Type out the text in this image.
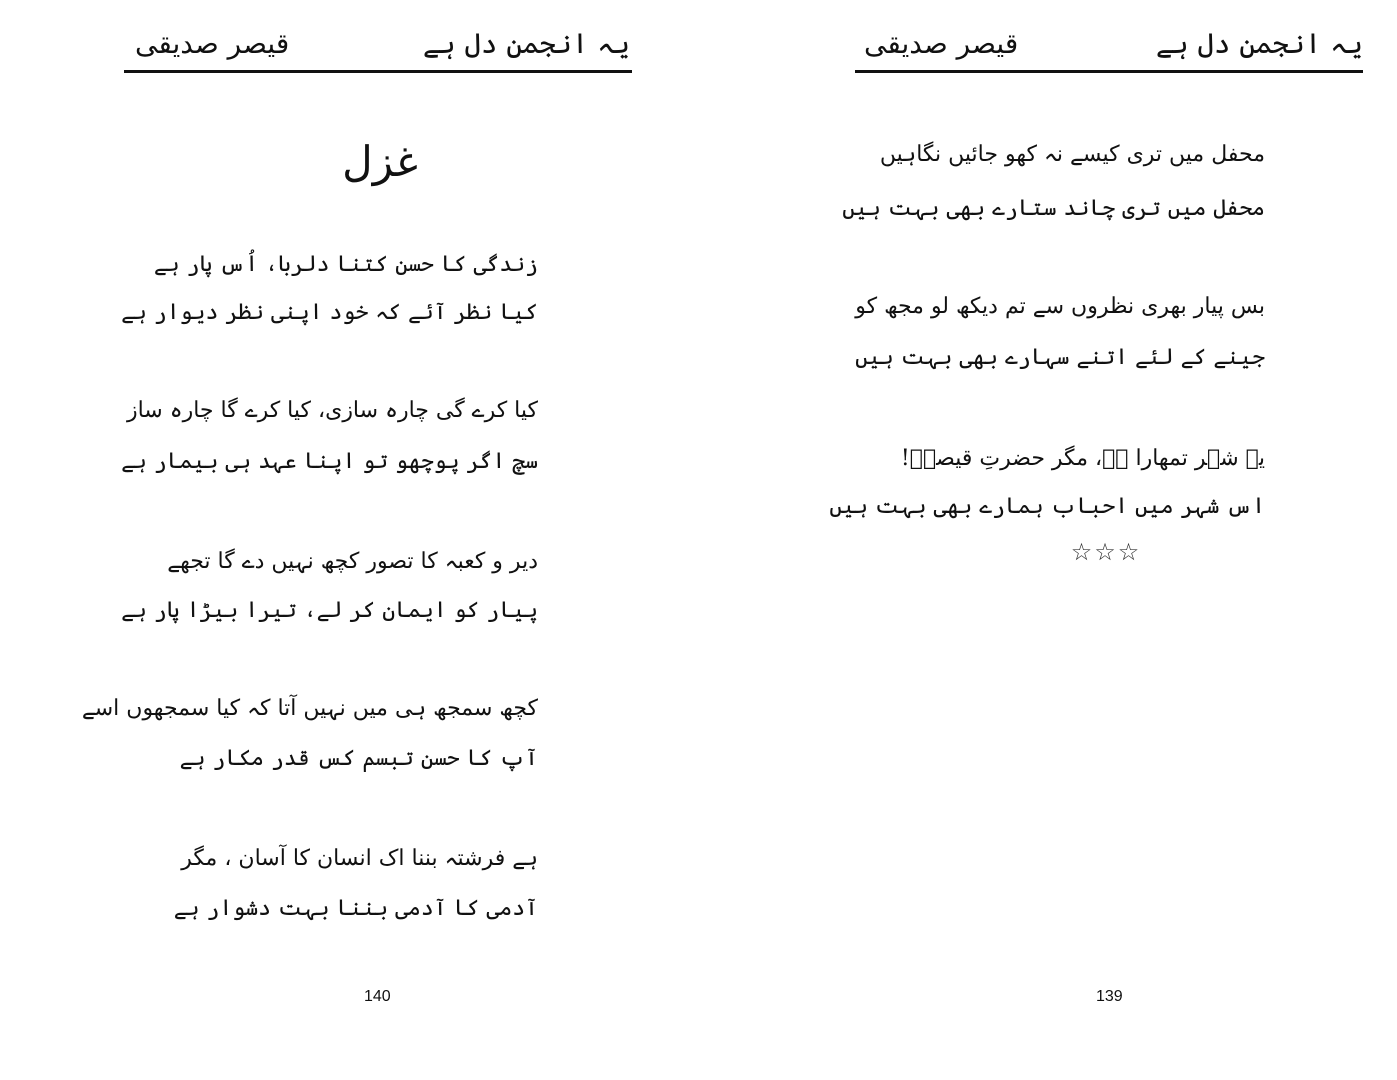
یہ انجمن دل ہے
قیصر صدیقی
غزل
زندگی کا حسن کتنا دلربا، اُس پار ہے
کیا نظر آئے کہ خود اپنی نظر دیوار ہے
کیا کرے گی چارہ سازی، کیا کرے گا چارہ ساز
سچ اگر پوچھو تو اپنا عہد ہی بیمار ہے
دیر و کعبہ کا تصور کچھ نہیں دے گا تجھے
پیار کو ایمان کر لے، تیرا بیڑا پار ہے
کچھ سمجھ ہی میں نہیں آتا کہ کیا سمجھوں اسے
آپ کا حسن تبسم کس قدر مکار ہے
ہے فرشتہ بننا اک انسان کا آسان ، مگر
آدمی کا آدمی بننا بہت دشوار ہے
140
یہ انجمن دل ہے
قیصر صدیقی
محفل میں تری کیسے نہ کھو جائیں نگاہیں
محفل میں تری چاند ستارے بھی بہت ہیں
بس پیار بھری نظروں سے تم دیکھ لو مجھ کو
جینے کے لئے اتنے سہارے بھی بہت ہیں
یہ شہر تمھارا ہے، مگر حضرتِ قیصرؔ!
اس شہر میں احباب ہمارے بھی بہت ہیں
☆☆☆
139
